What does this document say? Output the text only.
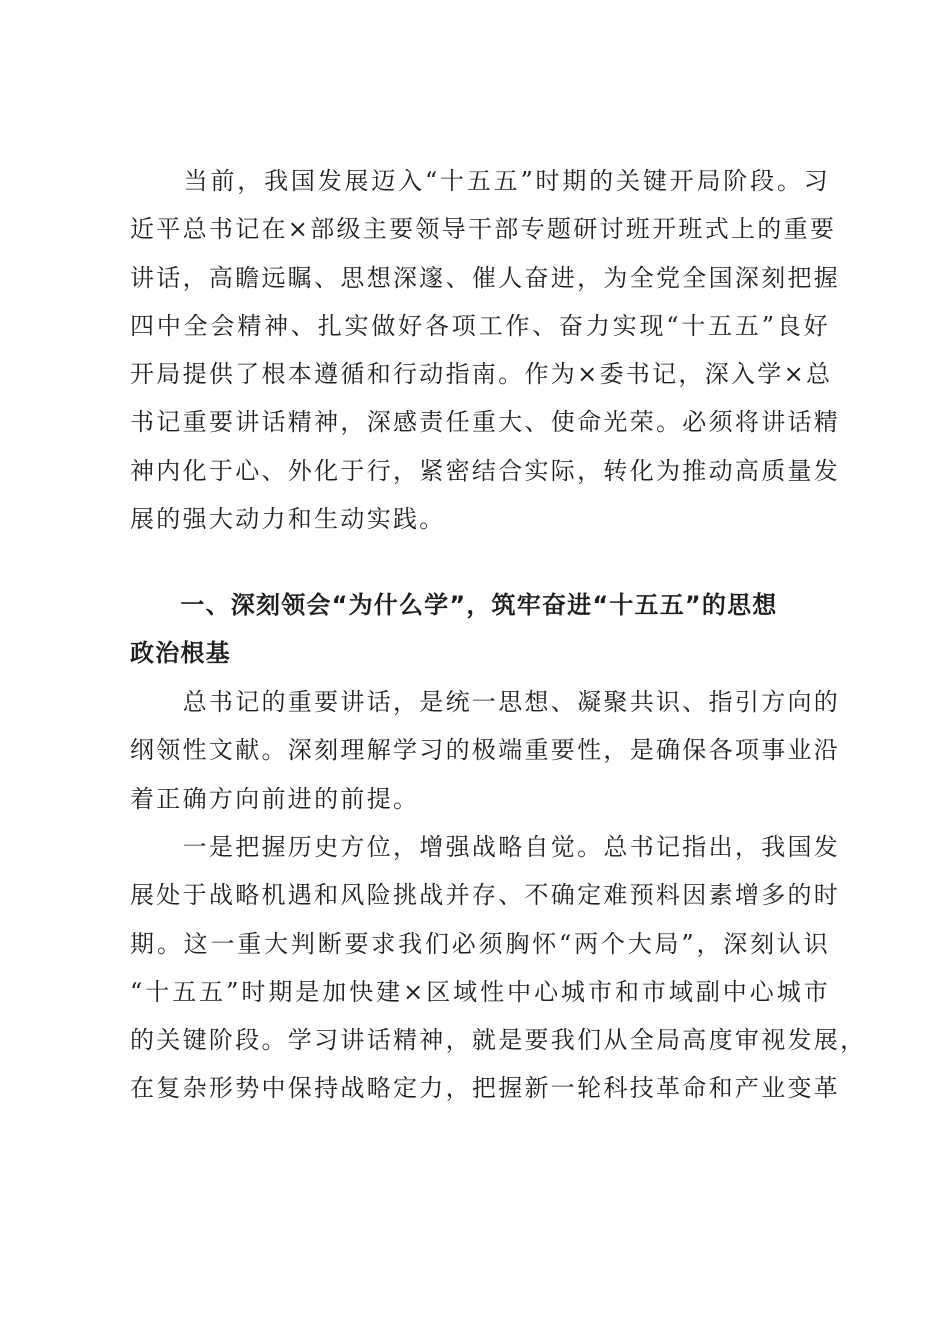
　　当前，我国发展迈入“十五五”时期的关键开局阶段。习
近平总书记在×部级主要领导干部专题研讨班开班式上的重要
讲话，高瞻远瞩、思想深邃、催人奋进，为全党全国深刻把握
四中全会精神、扎实做好各项工作、奋力实现“十五五”良好
开局提供了根本遵循和行动指南。作为×委书记，深入学×总
书记重要讲话精神，深感责任重大、使命光荣。必须将讲话精
神内化于心、外化于行，紧密结合实际，转化为推动高质量发
展的强大动力和生动实践。
　　一、深刻领会“为什么学”，筑牢奋进“十五五”的思想
政治根基
　　总书记的重要讲话，是统一思想、凝聚共识、指引方向的
纲领性文献。深刻理解学习的极端重要性，是确保各项事业沿
着正确方向前进的前提。
　　一是把握历史方位，增强战略自觉。总书记指出，我国发
展处于战略机遇和风险挑战并存、不确定难预料因素增多的时
期。这一重大判断要求我们必须胸怀“两个大局”，深刻认识
“十五五”时期是加快建×区域性中心城市和市域副中心城市
的关键阶段。学习讲话精神，就是要我们从全局高度审视发展，
在复杂形势中保持战略定力，把握新一轮科技革命和产业变革
